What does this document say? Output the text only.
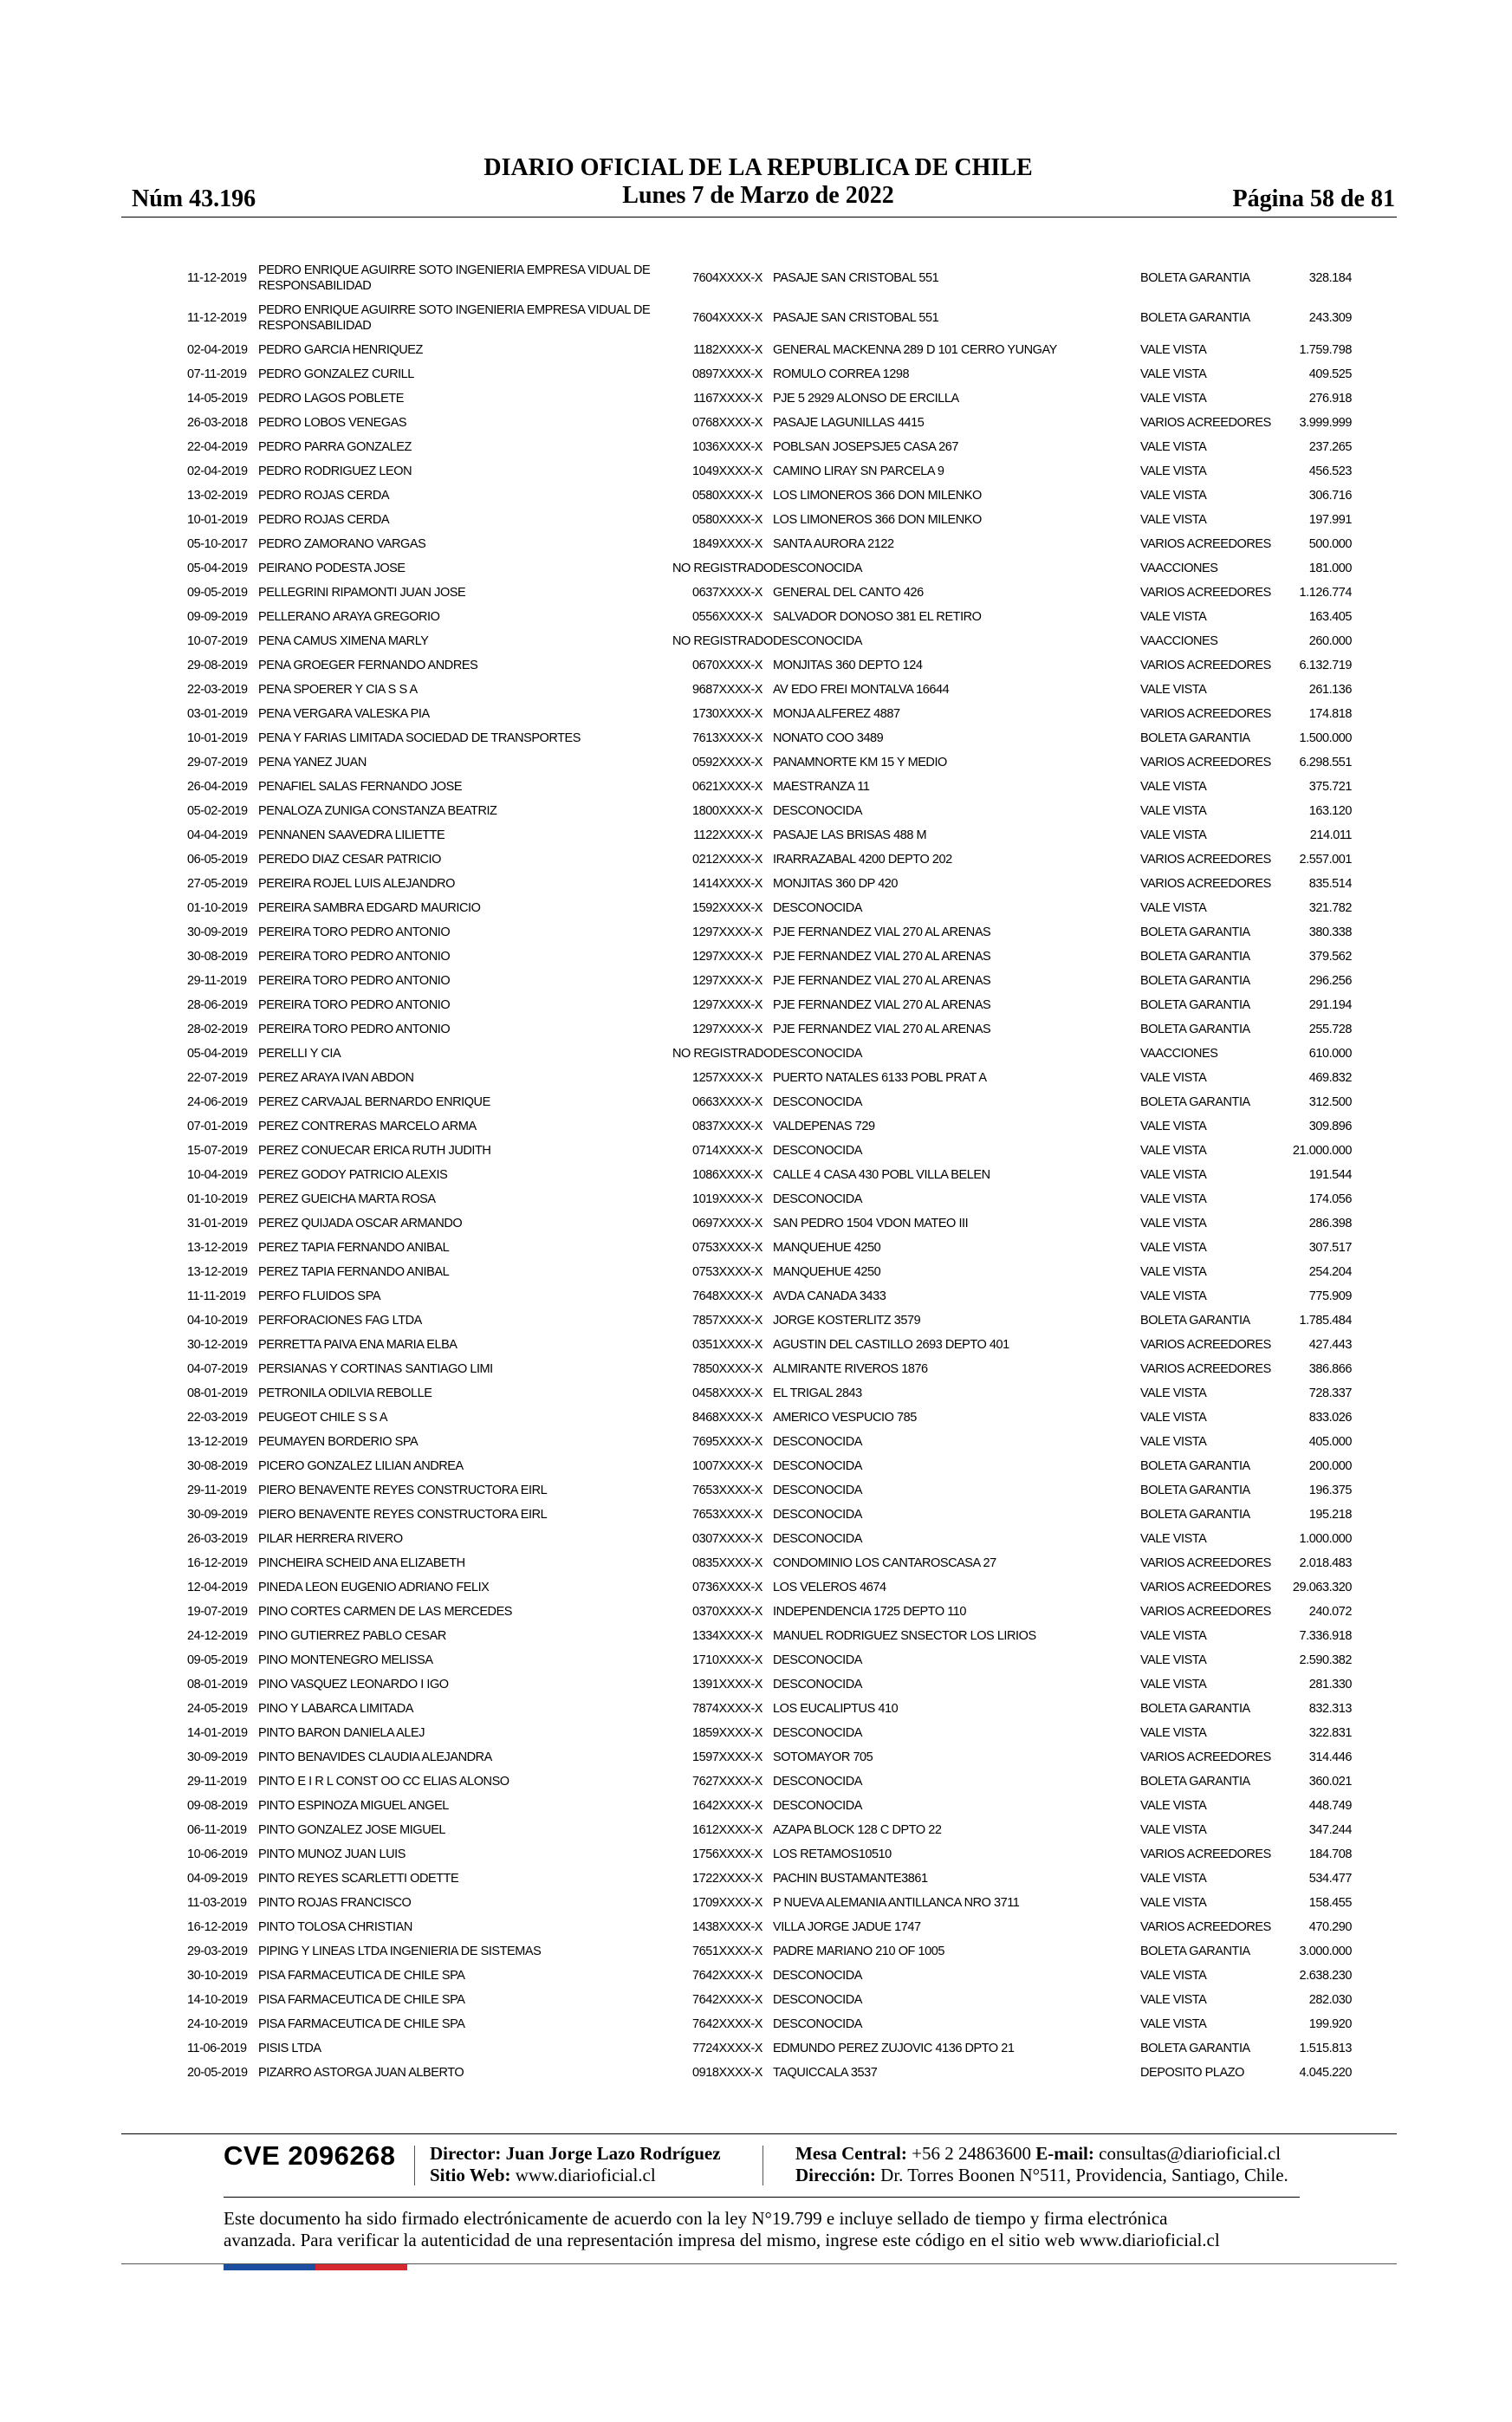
Núm 43.196
DIARIO OFICIAL DE LA REPUBLICA DE CHILE
Lunes 7 de Marzo de 2022	Página 58 de 81
11-12-2019
PEDRO ENRIQUE AGUIRRE SOTO INGENIERIA EMPRESA VIDUAL DE RESPONSABILIDAD
7604XXXX-X PASAJE SAN CRISTOBAL 551	BOLETA GARANTIA	328.184
11-12-2019
PEDRO ENRIQUE AGUIRRE SOTO INGENIERIA EMPRESA VIDUAL DE RESPONSABILIDAD
7604XXXX-X PASAJE SAN CRISTOBAL 551	BOLETA GARANTIA	243.309
02-04-2019 PEDRO GARCIA HENRIQUEZ	1182XXXX-X GENERAL MACKENNA 289 D 101 CERRO YUNGAY	VALE VISTA	1.759.798
07-11-2019 PEDRO GONZALEZ CURILL	0897XXXX-X ROMULO CORREA 1298	VALE VISTA	409.525
14-05-2019 PEDRO LAGOS POBLETE	1167XXXX-X PJE 5 2929 ALONSO DE ERCILLA	VALE VISTA	276.918
26-03-2018 PEDRO LOBOS VENEGAS	0768XXXX-X PASAJE LAGUNILLAS 4415	VARIOS ACREEDORES	3.999.999
22-04-2019 PEDRO PARRA GONZALEZ	1036XXXX-X POBLSAN JOSEPSJE5 CASA 267	VALE VISTA	237.265
02-04-2019 PEDRO RODRIGUEZ LEON	1049XXXX-X CAMINO LIRAY SN PARCELA 9	VALE VISTA	456.523
13-02-2019 PEDRO ROJAS CERDA	0580XXXX-X LOS LIMONEROS 366 DON MILENKO	VALE VISTA	306.716
10-01-2019 PEDRO ROJAS CERDA	0580XXXX-X LOS LIMONEROS 366 DON MILENKO	VALE VISTA	197.991
05-10-2017 PEDRO ZAMORANO VARGAS	1849XXXX-X SANTA AURORA 2122	VARIOS ACREEDORES	500.000
05-04-2019 PEIRANO PODESTA JOSE	NO REGISTRADO DESCONOCIDA	VAACCIONES	181.000
09-05-2019 PELLEGRINI RIPAMONTI JUAN JOSE	0637XXXX-X GENERAL DEL CANTO 426	VARIOS ACREEDORES	1.126.774
09-09-2019 PELLERANO ARAYA GREGORIO	0556XXXX-X SALVADOR DONOSO 381 EL RETIRO	VALE VISTA	163.405
10-07-2019 PENA CAMUS XIMENA MARLY	NO REGISTRADO DESCONOCIDA	VAACCIONES	260.000
29-08-2019 PENA GROEGER FERNANDO ANDRES	0670XXXX-X MONJITAS 360 DEPTO 124	VARIOS ACREEDORES	6.132.719
22-03-2019 PENA SPOERER Y CIA S S A	9687XXXX-X AV EDO FREI MONTALVA 16644	VALE VISTA	261.136
03-01-2019 PENA VERGARA VALESKA PIA	1730XXXX-X MONJA ALFEREZ 4887	VARIOS ACREEDORES	174.818
10-01-2019 PENA Y FARIAS LIMITADA SOCIEDAD DE TRANSPORTES	7613XXXX-X NONATO COO 3489	BOLETA GARANTIA	1.500.000
29-07-2019 PENA YANEZ JUAN	0592XXXX-X PANAMNORTE KM 15 Y MEDIO	VARIOS ACREEDORES	6.298.551
26-04-2019 PENAFIEL SALAS FERNANDO JOSE	0621XXXX-X MAESTRANZA 11	VALE VISTA	375.721
05-02-2019 PENALOZA ZUNIGA CONSTANZA BEATRIZ	1800XXXX-X DESCONOCIDA	VALE VISTA	163.120
04-04-2019 PENNANEN SAAVEDRA LILIETTE	1122XXXX-X PASAJE LAS BRISAS 488 M	VALE VISTA	214.011
06-05-2019 PEREDO DIAZ CESAR PATRICIO	0212XXXX-X IRARRAZABAL 4200 DEPTO 202	VARIOS ACREEDORES	2.557.001
27-05-2019 PEREIRA ROJEL LUIS ALEJANDRO	1414XXXX-X MONJITAS 360 DP 420	VARIOS ACREEDORES	835.514
01-10-2019 PEREIRA SAMBRA EDGARD MAURICIO	1592XXXX-X DESCONOCIDA	VALE VISTA	321.782
30-09-2019 PEREIRA TORO PEDRO ANTONIO	1297XXXX-X PJE FERNANDEZ VIAL 270 AL ARENAS	BOLETA GARANTIA	380.338
30-08-2019 PEREIRA TORO PEDRO ANTONIO	1297XXXX-X PJE FERNANDEZ VIAL 270 AL ARENAS	BOLETA GARANTIA	379.562
29-11-2019 PEREIRA TORO PEDRO ANTONIO	1297XXXX-X PJE FERNANDEZ VIAL 270 AL ARENAS	BOLETA GARANTIA	296.256
28-06-2019 PEREIRA TORO PEDRO ANTONIO	1297XXXX-X PJE FERNANDEZ VIAL 270 AL ARENAS	BOLETA GARANTIA	291.194
28-02-2019 PEREIRA TORO PEDRO ANTONIO	1297XXXX-X PJE FERNANDEZ VIAL 270 AL ARENAS	BOLETA GARANTIA	255.728
05-04-2019 PERELLI Y CIA	NO REGISTRADO DESCONOCIDA	VAACCIONES	610.000
22-07-2019 PEREZ ARAYA IVAN ABDON	1257XXXX-X PUERTO NATALES 6133 POBL PRAT A	VALE VISTA	469.832
24-06-2019 PEREZ CARVAJAL BERNARDO ENRIQUE	0663XXXX-X DESCONOCIDA	BOLETA GARANTIA	312.500
07-01-2019 PEREZ CONTRERAS MARCELO ARMA	0837XXXX-X VALDEPENAS 729	VALE VISTA	309.896
15-07-2019 PEREZ CONUECAR ERICA RUTH JUDITH	0714XXXX-X DESCONOCIDA	VALE VISTA	21.000.000
10-04-2019 PEREZ GODOY PATRICIO ALEXIS	1086XXXX-X CALLE 4 CASA 430 POBL VILLA BELEN	VALE VISTA	191.544
01-10-2019 PEREZ GUEICHA MARTA ROSA	1019XXXX-X DESCONOCIDA	VALE VISTA	174.056
31-01-2019 PEREZ QUIJADA OSCAR ARMANDO	0697XXXX-X SAN PEDRO 1504 VDON MATEO III	VALE VISTA	286.398
13-12-2019 PEREZ TAPIA FERNANDO ANIBAL	0753XXXX-X MANQUEHUE 4250	VALE VISTA	307.517
13-12-2019 PEREZ TAPIA FERNANDO ANIBAL	0753XXXX-X MANQUEHUE 4250	VALE VISTA	254.204
11-11-2019 PERFO FLUIDOS SPA	7648XXXX-X AVDA CANADA 3433	VALE VISTA	775.909
04-10-2019 PERFORACIONES FAG LTDA	7857XXXX-X JORGE KOSTERLITZ 3579	BOLETA GARANTIA	1.785.484
30-12-2019 PERRETTA PAIVA ENA MARIA ELBA	0351XXXX-X AGUSTIN DEL CASTILLO 2693 DEPTO 401	VARIOS ACREEDORES	427.443
04-07-2019 PERSIANAS Y CORTINAS SANTIAGO LIMI	7850XXXX-X ALMIRANTE RIVEROS 1876	VARIOS ACREEDORES	386.866
08-01-2019 PETRONILA ODILVIA REBOLLE	0458XXXX-X EL TRIGAL 2843	VALE VISTA	728.337
22-03-2019 PEUGEOT CHILE S S A	8468XXXX-X AMERICO VESPUCIO 785	VALE VISTA	833.026
13-12-2019 PEUMAYEN BORDERIO SPA	7695XXXX-X DESCONOCIDA	VALE VISTA	405.000
30-08-2019 PICERO GONZALEZ LILIAN ANDREA	1007XXXX-X DESCONOCIDA	BOLETA GARANTIA	200.000
29-11-2019 PIERO BENAVENTE REYES CONSTRUCTORA EIRL	7653XXXX-X DESCONOCIDA	BOLETA GARANTIA	196.375
30-09-2019 PIERO BENAVENTE REYES CONSTRUCTORA EIRL	7653XXXX-X DESCONOCIDA	BOLETA GARANTIA	195.218
26-03-2019 PILAR HERRERA RIVERO	0307XXXX-X DESCONOCIDA	VALE VISTA	1.000.000
16-12-2019 PINCHEIRA SCHEID ANA ELIZABETH	0835XXXX-X CONDOMINIO LOS CANTAROSCASA 27	VARIOS ACREEDORES	2.018.483
12-04-2019 PINEDA LEON EUGENIO ADRIANO FELIX	0736XXXX-X LOS VELEROS 4674	VARIOS ACREEDORES	29.063.320
19-07-2019 PINO CORTES CARMEN DE LAS MERCEDES	0370XXXX-X INDEPENDENCIA 1725 DEPTO 110	VARIOS ACREEDORES	240.072
24-12-2019 PINO GUTIERREZ PABLO CESAR	1334XXXX-X MANUEL RODRIGUEZ SNSECTOR LOS LIRIOS	VALE VISTA	7.336.918
09-05-2019 PINO MONTENEGRO MELISSA	1710XXXX-X DESCONOCIDA	VALE VISTA	2.590.382
08-01-2019 PINO VASQUEZ LEONARDO I IGO	1391XXXX-X DESCONOCIDA	VALE VISTA	281.330
24-05-2019 PINO Y LABARCA LIMITADA	7874XXXX-X LOS EUCALIPTUS 410	BOLETA GARANTIA	832.313
14-01-2019 PINTO BARON DANIELA ALEJ	1859XXXX-X DESCONOCIDA	VALE VISTA	322.831
30-09-2019 PINTO BENAVIDES CLAUDIA ALEJANDRA	1597XXXX-X SOTOMAYOR 705	VARIOS ACREEDORES	314.446
29-11-2019 PINTO E I R L CONST OO CC ELIAS ALONSO	7627XXXX-X DESCONOCIDA	BOLETA GARANTIA	360.021
09-08-2019 PINTO ESPINOZA MIGUEL ANGEL	1642XXXX-X DESCONOCIDA	VALE VISTA	448.749
06-11-2019 PINTO GONZALEZ JOSE MIGUEL	1612XXXX-X AZAPA BLOCK 128 C DPTO 22	VALE VISTA	347.244
10-06-2019 PINTO MUNOZ JUAN LUIS	1756XXXX-X LOS RETAMOS10510	VARIOS ACREEDORES	184.708
04-09-2019 PINTO REYES SCARLETTI ODETTE	1722XXXX-X PACHIN BUSTAMANTE3861	VALE VISTA	534.477
11-03-2019 PINTO ROJAS FRANCISCO	1709XXXX-X P NUEVA ALEMANIA ANTILLANCA NRO 3711	VALE VISTA	158.455
16-12-2019 PINTO TOLOSA CHRISTIAN	1438XXXX-X VILLA JORGE JADUE 1747	VARIOS ACREEDORES	470.290
29-03-2019 PIPING Y LINEAS LTDA INGENIERIA DE SISTEMAS	7651XXXX-X PADRE MARIANO 210 OF 1005	BOLETA GARANTIA	3.000.000
30-10-2019 PISA FARMACEUTICA DE CHILE SPA	7642XXXX-X DESCONOCIDA	VALE VISTA	2.638.230
14-10-2019 PISA FARMACEUTICA DE CHILE SPA	7642XXXX-X DESCONOCIDA	VALE VISTA	282.030
24-10-2019 PISA FARMACEUTICA DE CHILE SPA	7642XXXX-X DESCONOCIDA	VALE VISTA	199.920
11-06-2019 PISIS LTDA	7724XXXX-X EDMUNDO PEREZ ZUJOVIC 4136 DPTO 21	BOLETA GARANTIA	1.515.813
20-05-2019 PIZARRO ASTORGA JUAN ALBERTO	0918XXXX-X TAQUICCALA 3537	DEPOSITO PLAZO	4.045.220
CVE 2096268 Director: Juan Jorge Lazo Rodríguez
Sitio Web: www.diarioficial.cl
Mesa Central: +56 2 24863600 E-mail: consultas@diarioficial.cl
Dirección: Dr. Torres Boonen N°511, Providencia, Santiago, Chile.
Este documento ha sido firmado electrónicamente de acuerdo con la ley N°19.799 e incluye sellado de tiempo y firma electrónica
avanzada. Para verificar la autenticidad de una representación impresa del mismo, ingrese este código en el sitio web www.diarioficial.cl
